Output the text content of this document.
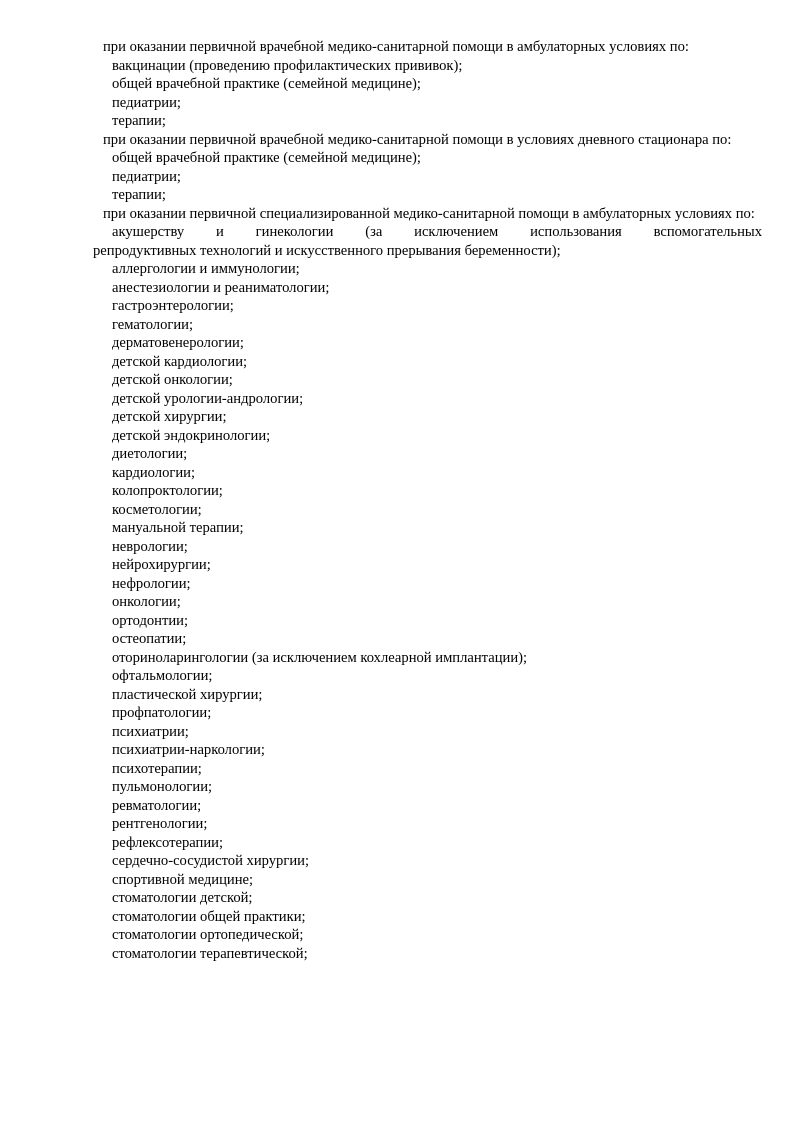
при оказании первичной врачебной медико-санитарной помощи в амбулаторных условиях по:

вакцинации (проведению профилактических прививок);

общей врачебной практике (семейной медицине);

педиатрии;

терапии;

при оказании первичной врачебной медико-санитарной помощи в условиях дневного стационара по:

общей врачебной практике (семейной медицине);

педиатрии;

терапии;

при оказании первичной специализированной медико-санитарной помощи в амбулаторных условиях по:

акушерству и гинекологии (за исключением использования вспомогательных
репродуктивных технологий и искусственного прерывания беременности);

аллергологии и иммунологии;

анестезиологии и реаниматологии;

гастроэнтерологии;

гематологии;

дерматовенерологии;

детской кардиологии;

детской онкологии;

детской урологии-андрологии;

детской хирургии;

детской эндокринологии;

диетологии;

кардиологии;

колопроктологии;

косметологии;

мануальной терапии;

неврологии;

нейрохирургии;

нефрологии;

онкологии;

ортодонтии;

остеопатии;

оториноларингологии (за исключением кохлеарной имплантации);

офтальмологии;

пластической хирургии;

профпатологии;

психиатрии;

психиатрии-наркологии;

психотерапии;

пульмонологии;

ревматологии;

рентгенологии;

рефлексотерапии;

сердечно-сосудистой хирургии;

спортивной медицине;

стоматологии детской;

стоматологии общей практики;

стоматологии ортопедической;

стоматологии терапевтической;
